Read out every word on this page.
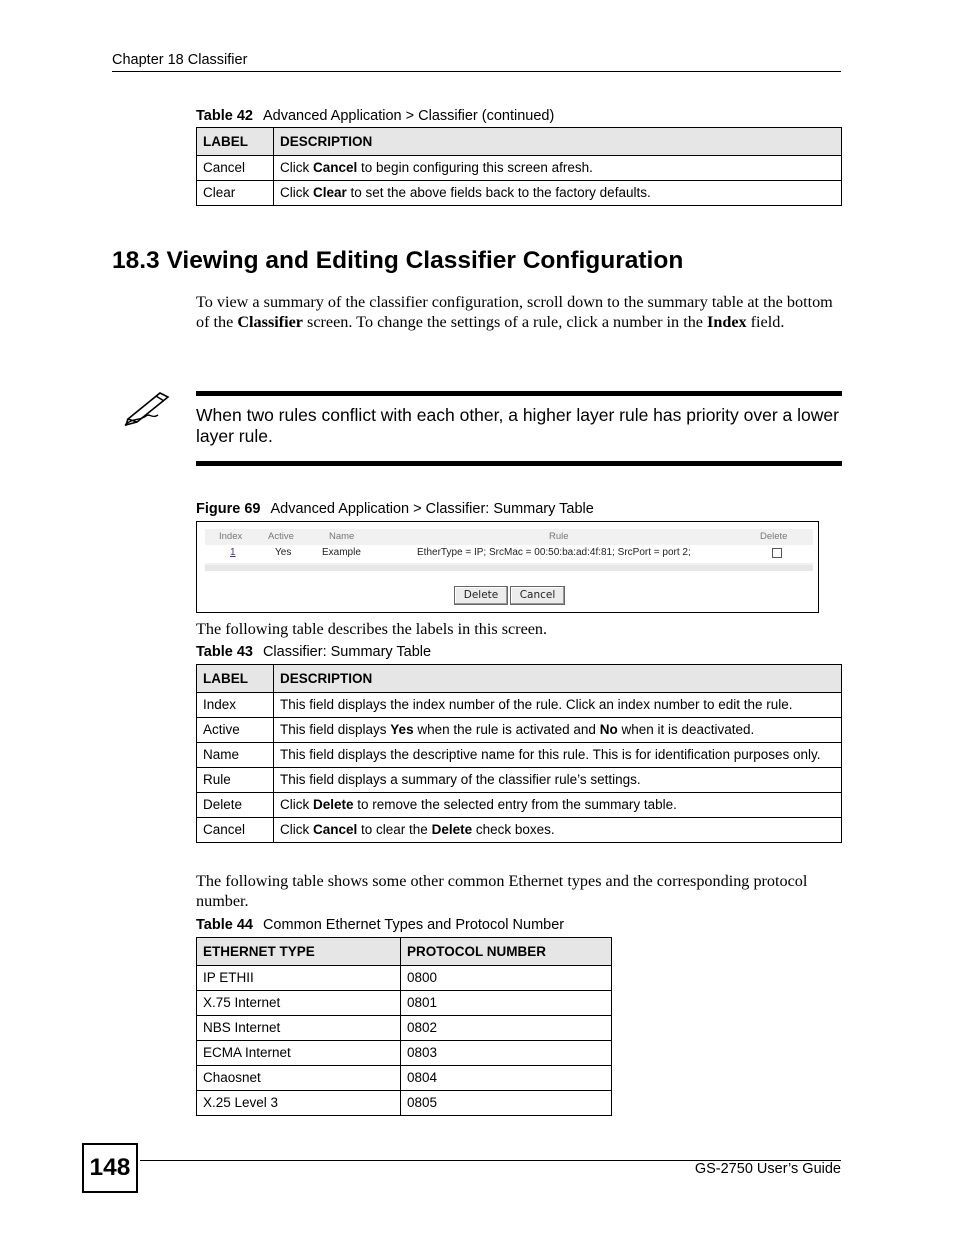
Chapter 18 Classifier
Table 42 Advanced Application > Classifier (continued)
LABEL	DESCRIPTION
Cancel	Click Cancel to begin configuring this screen afresh.
Clear	Click Clear to set the above fields back to the factory defaults.
18.3 Viewing and Editing Classifier Configuration
To view a summary of the classifier configuration, scroll down to the summary table at the bottom of the Classifier screen. To change the settings of a rule, click a number in the Index field.
When two rules conflict with each other, a higher layer rule has priority over a lower layer rule.
Figure 69 Advanced Application > Classifier: Summary Table
Index	Active	Name	Rule	Delete
1	Yes	Example	EtherType = IP; SrcMac = 00:50:ba:ad:4f:81; SrcPort = port 2;
Delete	Cancel
The following table describes the labels in this screen.
Table 43 Classifier: Summary Table
LABEL	DESCRIPTION
Index	This field displays the index number of the rule. Click an index number to edit the rule.
Active	This field displays Yes when the rule is activated and No when it is deactivated.
Name	This field displays the descriptive name for this rule. This is for identification purposes only.
Rule	This field displays a summary of the classifier rule’s settings.
Delete	Click Delete to remove the selected entry from the summary table.
Cancel	Click Cancel to clear the Delete check boxes.
The following table shows some other common Ethernet types and the corresponding protocol number.
Table 44 Common Ethernet Types and Protocol Number
ETHERNET TYPE	PROTOCOL NUMBER
IP ETHII	0800
X.75 Internet	0801
NBS Internet	0802
ECMA Internet	0803
Chaosnet	0804
X.25 Level 3	0805
148	GS-2750 User’s Guide
